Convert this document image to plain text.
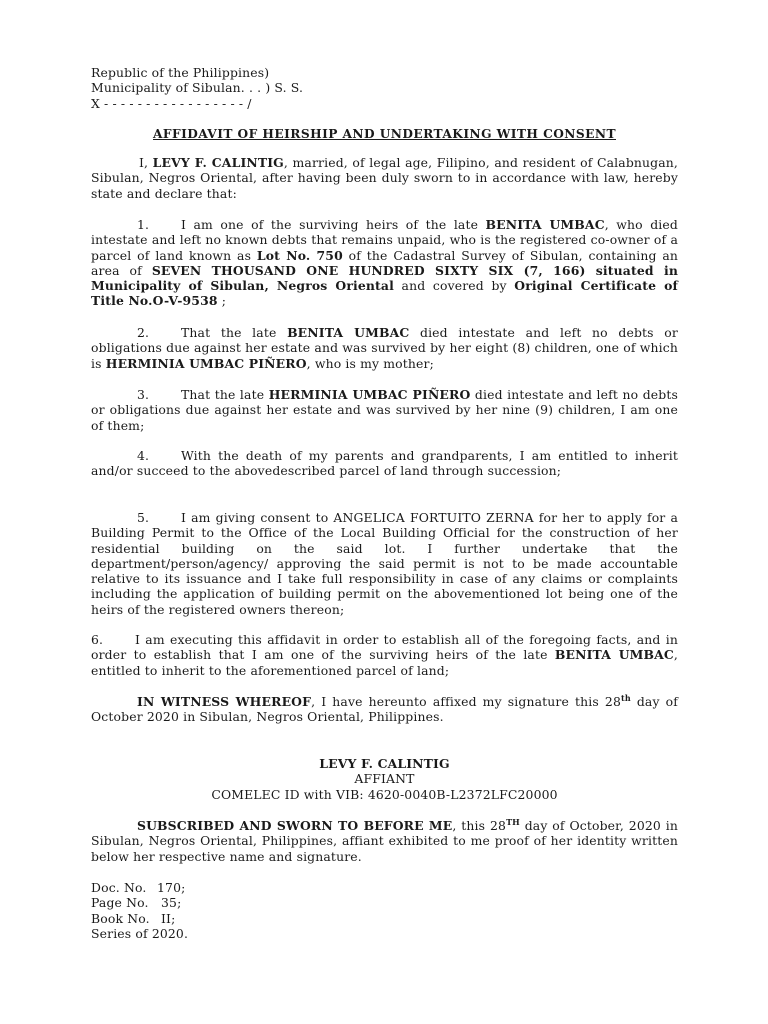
Republic of the Philippines)
Municipality of Sibulan. . . ) S. S.
X - - - - - - - - - - - - - - - - - /
AFFIDAVIT OF HEIRSHIP AND UNDERTAKING WITH CONSENT
I, LEVY F. CALINTIG, married, of legal age, Filipino, and resident of Calabnugan, Sibulan, Negros Oriental, after having been duly sworn to in accordance with law, hereby state and declare that:
1.	I am one of the surviving heirs of the late BENITA UMBAC, who died intestate and left no known debts that remains unpaid, who is the registered co-owner of a parcel of land known as Lot No. 750 of the Cadastral Survey of Sibulan, containing an area of SEVEN THOUSAND ONE HUNDRED SIXTY SIX (7, 166) situated in Municipality of Sibulan, Negros Oriental and covered by Original Certificate of Title No.O-V-9538 ;
2.	That the late BENITA UMBAC died intestate and left no debts or obligations due against her estate and was survived by her eight (8) children, one of which is HERMINIA UMBAC PIÑERO, who is my mother;
3.	That the late HERMINIA UMBAC PIÑERO died intestate and left no debts or obligations due against her estate and was survived by her nine (9) children, I am one of them;
4.	With the death of my parents and grandparents, I am entitled to inherit and/or succeed to the abovedescribed parcel of land through succession;
5.	I am giving consent to ANGELICA FORTUITO ZERNA for her to apply for a Building Permit to the Office of the Local Building Official for the construction of her residential building on the said lot. I further undertake that the department/person/agency/ approving the said permit is not to be made accountable relative to its issuance and I take full responsibility in case of any claims or complaints including the application of building permit on the abovementioned lot being one of the heirs of the registered owners thereon;
6.	I am executing this affidavit in order to establish all of the foregoing facts, and in order to establish that I am one of the surviving heirs of the late BENITA UMBAC, entitled to inherit to the aforementioned parcel of land;
IN WITNESS WHEREOF, I have hereunto affixed my signature this 28th day of October 2020 in Sibulan, Negros Oriental, Philippines.
LEVY F. CALINTIG
AFFIANT
COMELEC ID with VIB: 4620-0040B-L2372LFC20000
SUBSCRIBED AND SWORN TO BEFORE ME, this 28TH day of October, 2020 in Sibulan, Negros Oriental, Philippines, affiant exhibited to me proof of her identity written below her respective name and signature.
Doc. No. 170;
Page No. 35;
Book No. II;
Series of 2020.
